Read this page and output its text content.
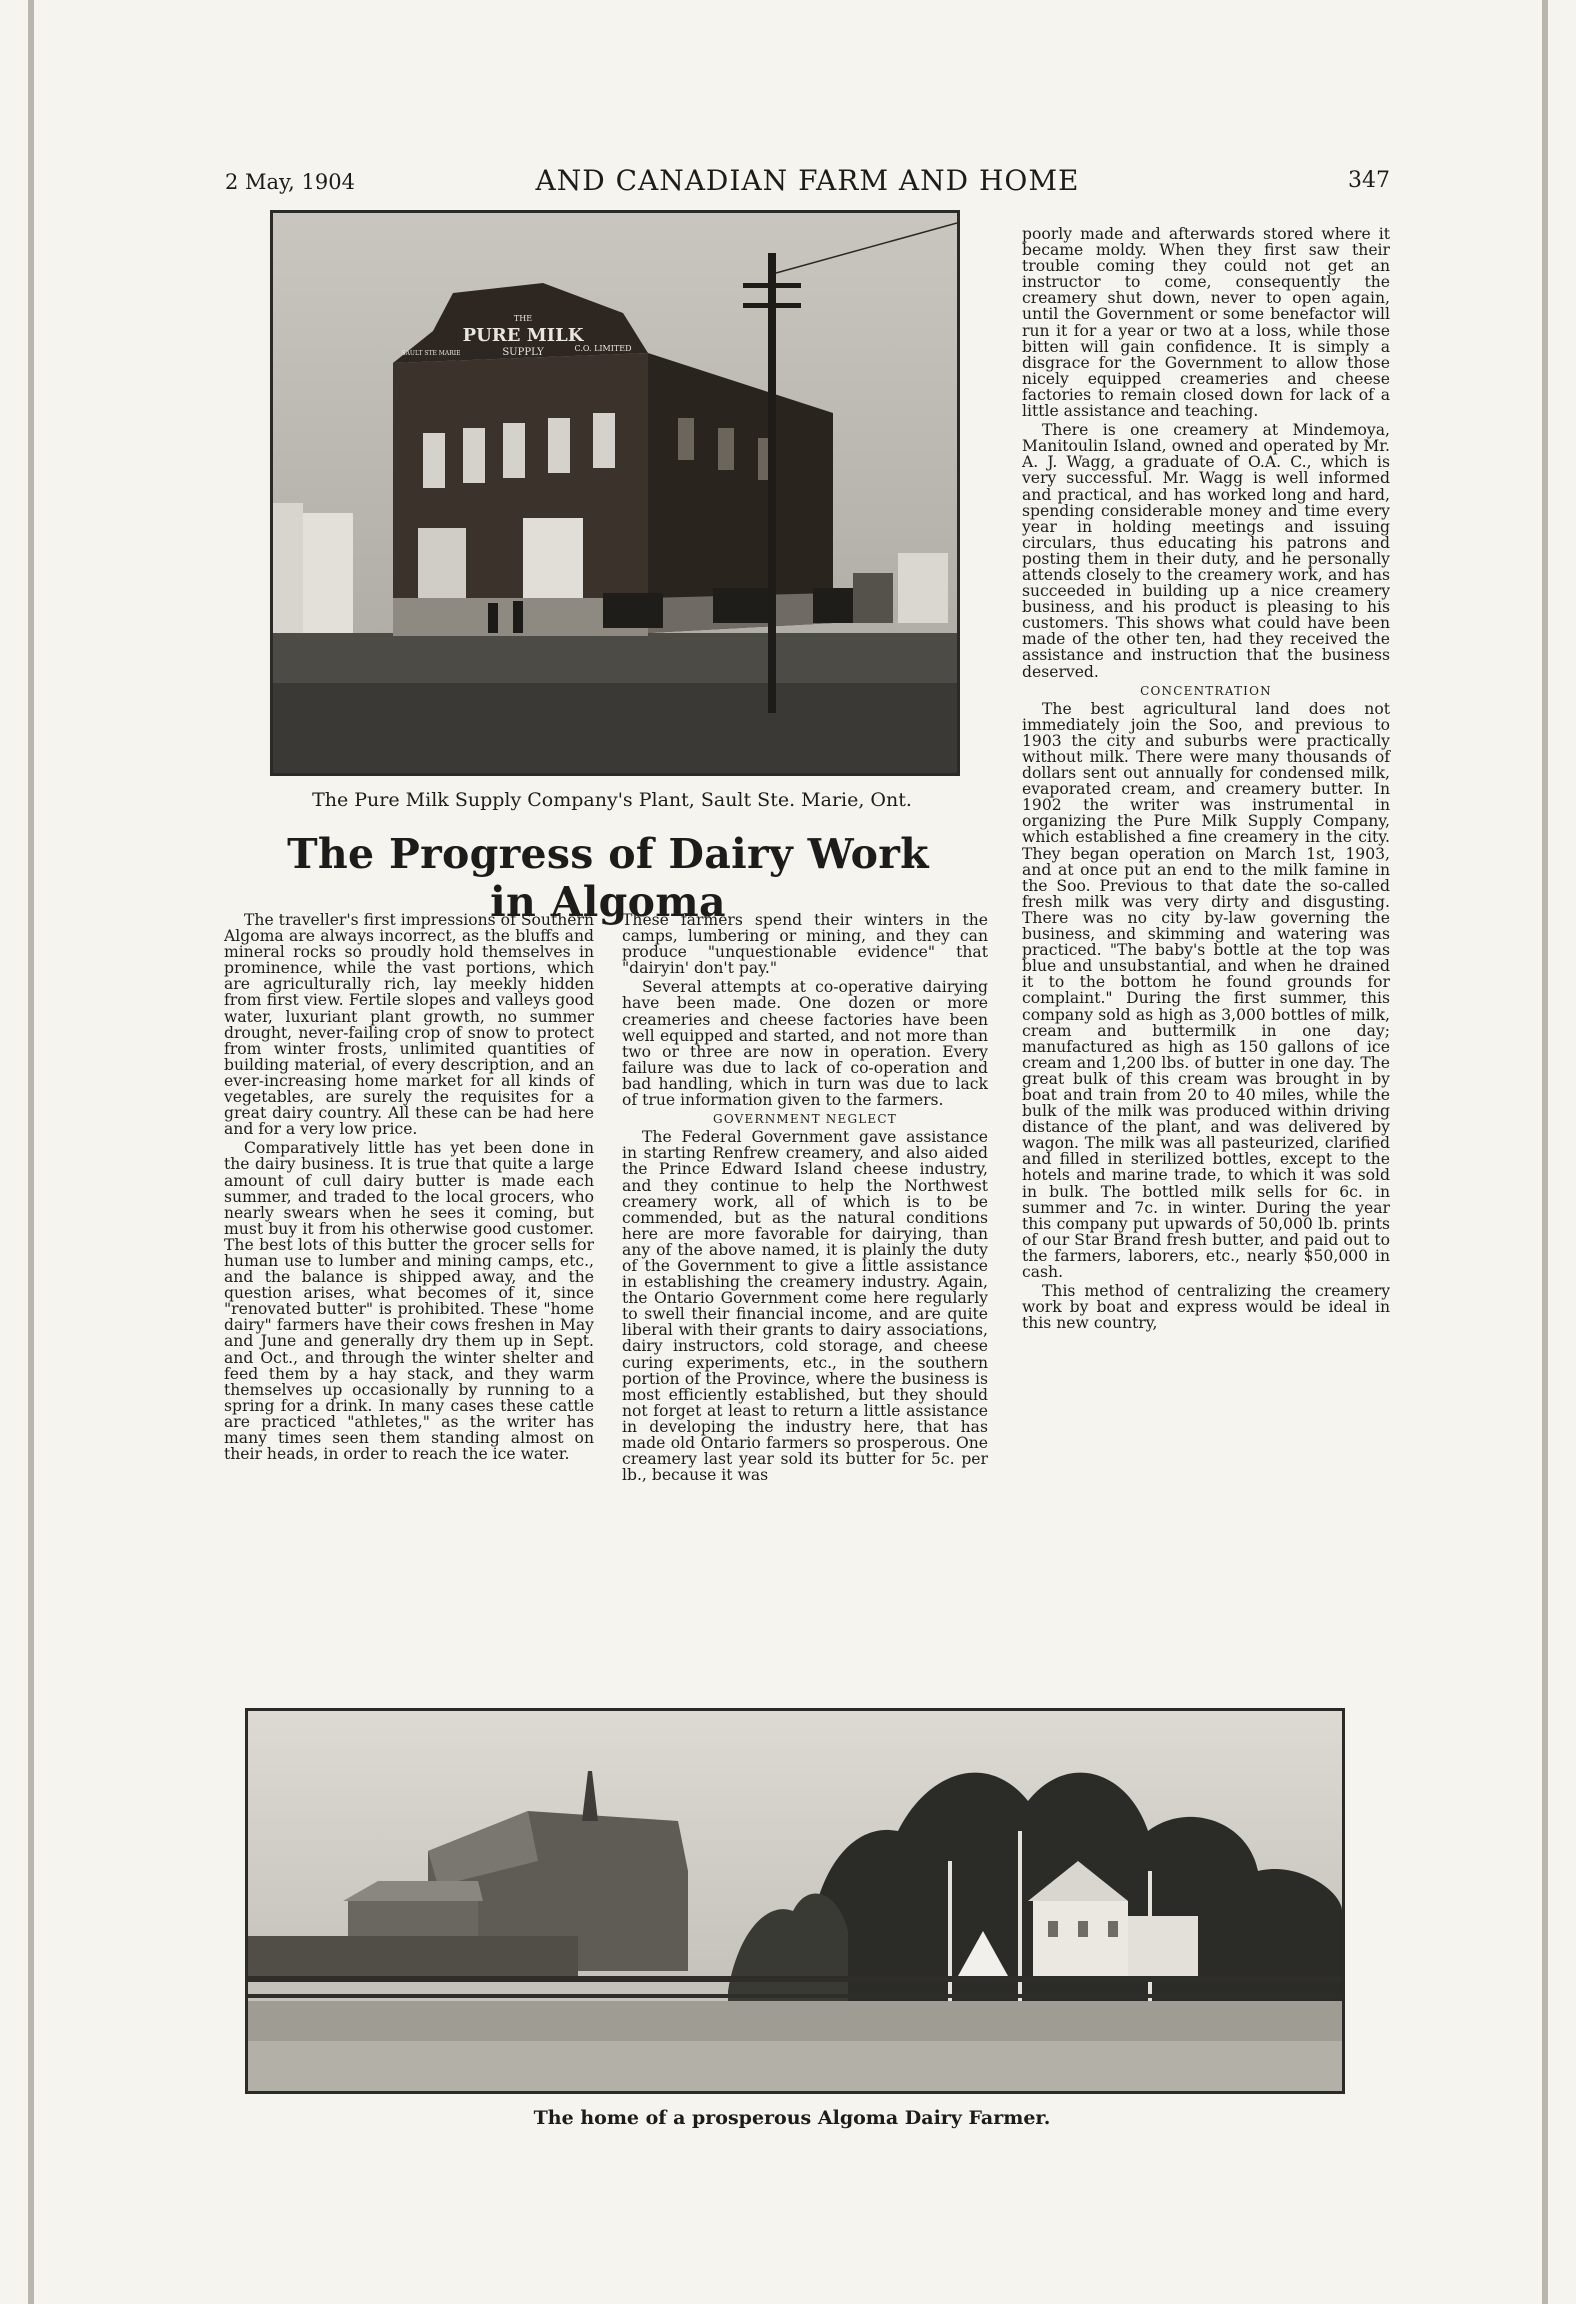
2 May, 1904	AND CANADIAN FARM AND HOME	347
THE
PURE MILK
SUPPLY
SAULT STE MARIE
C.O. LIMITED
The Pure Milk Supply Company's Plant, Sault Ste. Marie, Ont.
The Progress of Dairy Work in Algoma

The traveller's first impressions of Southern Algoma are always incorrect, as the bluffs and mineral rocks so proudly hold themselves in prominence, while the vast portions, which are agriculturally rich, lay meekly hidden from first view. Fertile slopes and valleys good water, luxuriant plant growth, no summer drought, never-failing crop of snow to protect from winter frosts, unlimited quantities of building material, of every description, and an ever-increasing home market for all kinds of vegetables, are surely the requisites for a great dairy country. All these can be had here and for a very low price.

Comparatively little has yet been done in the dairy business. It is true that quite a large amount of cull dairy butter is made each summer, and traded to the local grocers, who nearly swears when he sees it coming, but must buy it from his otherwise good customer. The best lots of this butter the grocer sells for human use to lumber and mining camps, etc., and the balance is shipped away, and the question arises, what becomes of it, since "renovated butter" is prohibited. These "home dairy" farmers have their cows freshen in May and June and generally dry them up in Sept. and Oct., and through the winter shelter and feed them by a hay stack, and they warm themselves up occasionally by running to a spring for a drink. In many cases these cattle are practiced "athletes," as the writer has many times seen them standing almost on their heads, in order to reach the ice water.

These farmers spend their winters in the camps, lumbering or mining, and they can produce "unquestionable evidence" that "dairyin' don't pay."

Several attempts at co-operative dairying have been made. One dozen or more creameries and cheese factories have been well equipped and started, and not more than two or three are now in operation. Every failure was due to lack of co-operation and bad handling, which in turn was due to lack of true information given to the farmers.

GOVERNMENT NEGLECT

The Federal Government gave assistance in starting Renfrew creamery, and also aided the Prince Edward Island cheese industry, and they continue to help the Northwest creamery work, all of which is to be commended, but as the natural conditions here are more favorable for dairying, than any of the above named, it is plainly the duty of the Government to give a little assistance in establishing the creamery industry. Again, the Ontario Government come here regularly to swell their financial income, and are quite liberal with their grants to dairy associations, dairy instructors, cold storage, and cheese curing experiments, etc., in the southern portion of the Province, where the business is most efficiently established, but they should not forget at least to return a little assistance in developing the industry here, that has made old Ontario farmers so prosperous. One creamery last year sold its butter for 5c. per lb., because it was

poorly made and afterwards stored where it became moldy. When they first saw their trouble coming they could not get an instructor to come, consequently the creamery shut down, never to open again, until the Government or some benefactor will run it for a year or two at a loss, while those bitten will gain confidence. It is simply a disgrace for the Government to allow those nicely equipped creameries and cheese factories to remain closed down for lack of a little assistance and teaching.

There is one creamery at Mindemoya, Manitoulin Island, owned and operated by Mr. A. J. Wagg, a graduate of O.A. C., which is very successful. Mr. Wagg is well informed and practical, and has worked long and hard, spending considerable money and time every year in holding meetings and issuing circulars, thus educating his patrons and posting them in their duty, and he personally attends closely to the creamery work, and has succeeded in building up a nice creamery business, and his product is pleasing to his customers. This shows what could have been made of the other ten, had they received the assistance and instruction that the business deserved.

CONCENTRATION

The best agricultural land does not immediately join the Soo, and previous to 1903 the city and suburbs were practically without milk. There were many thousands of dollars sent out annually for condensed milk, evaporated cream, and creamery butter. In 1902 the writer was instrumental in organizing the Pure Milk Supply Company, which established a fine creamery in the city. They began operation on March 1st, 1903, and at once put an end to the milk famine in the Soo. Previous to that date the so-called fresh milk was very dirty and disgusting. There was no city by-law governing the business, and skimming and watering was practiced. "The baby's bottle at the top was blue and unsubstantial, and when he drained it to the bottom he found grounds for complaint." During the first summer, this company sold as high as 3,000 bottles of milk, cream and buttermilk in one day; manufactured as high as 150 gallons of ice cream and 1,200 lbs. of butter in one day. The great bulk of this cream was brought in by boat and train from 20 to 40 miles, while the bulk of the milk was produced within driving distance of the plant, and was delivered by wagon. The milk was all pasteurized, clarified and filled in sterilized bottles, except to the hotels and marine trade, to which it was sold in bulk. The bottled milk sells for 6c. in summer and 7c. in winter. During the year this company put upwards of 50,000 lb. prints of our Star Brand fresh butter, and paid out to the farmers, laborers, etc., nearly $50,000 in cash.

This method of centralizing the creamery work by boat and express would be ideal in this new country,

The home of a prosperous Algoma Dairy Farmer.
